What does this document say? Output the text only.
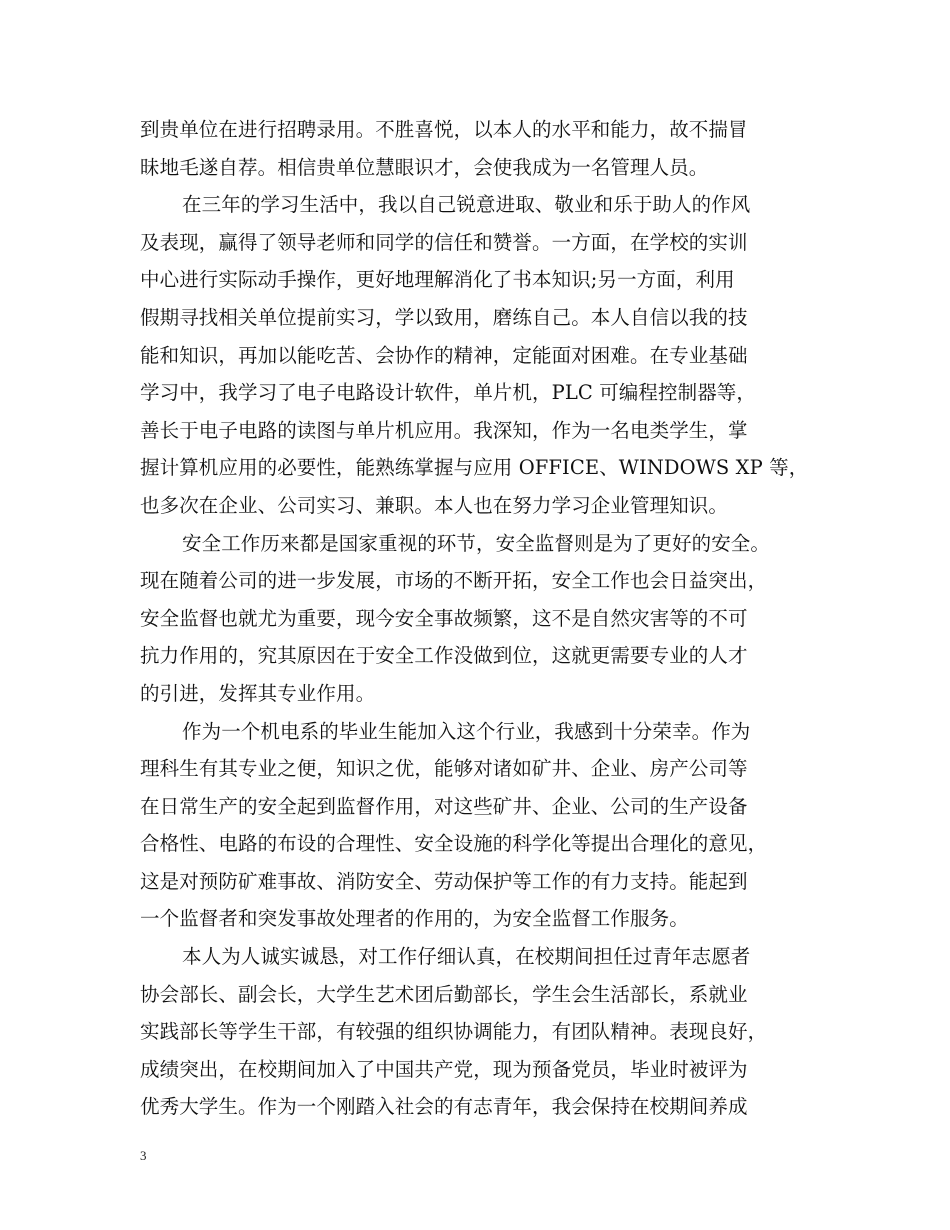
到贵单位在进行招聘录用。不胜喜悦，以本人的水平和能力，故不揣冒
昧地毛遂自荐。相信贵单位慧眼识才，会使我成为一名管理人员。
在三年的学习生活中，我以自己锐意进取、敬业和乐于助人的作风
及表现，赢得了领导老师和同学的信任和赞誉。一方面，在学校的实训
中心进行实际动手操作，更好地理解消化了书本知识;另一方面，利用
假期寻找相关单位提前实习，学以致用，磨练自己。本人自信以我的技
能和知识，再加以能吃苦、会协作的精神，定能面对困难。在专业基础
学习中，我学习了电子电路设计软件，单片机，PLC 可编程控制器等，
善长于电子电路的读图与单片机应用。我深知，作为一名电类学生，掌
握计算机应用的必要性，能熟练掌握与应用 OFFICE、WINDOWS XP 等，
也多次在企业、公司实习、兼职。本人也在努力学习企业管理知识。
安全工作历来都是国家重视的环节，安全监督则是为了更好的安全。
现在随着公司的进一步发展，市场的不断开拓，安全工作也会日益突出，
安全监督也就尤为重要，现今安全事故频繁，这不是自然灾害等的不可
抗力作用的，究其原因在于安全工作没做到位，这就更需要专业的人才
的引进，发挥其专业作用。
作为一个机电系的毕业生能加入这个行业，我感到十分荣幸。作为
理科生有其专业之便，知识之优，能够对诸如矿井、企业、房产公司等
在日常生产的安全起到监督作用，对这些矿井、企业、公司的生产设备
合格性、电路的布设的合理性、安全设施的科学化等提出合理化的意见，
这是对预防矿难事故、消防安全、劳动保护等工作的有力支持。能起到
一个监督者和突发事故处理者的作用的，为安全监督工作服务。
本人为人诚实诚恳，对工作仔细认真，在校期间担任过青年志愿者
协会部长、副会长，大学生艺术团后勤部长，学生会生活部长，系就业
实践部长等学生干部，有较强的组织协调能力，有团队精神。表现良好，
成绩突出，在校期间加入了中国共产党，现为预备党员，毕业时被评为
优秀大学生。作为一个刚踏入社会的有志青年，我会保持在校期间养成
3
